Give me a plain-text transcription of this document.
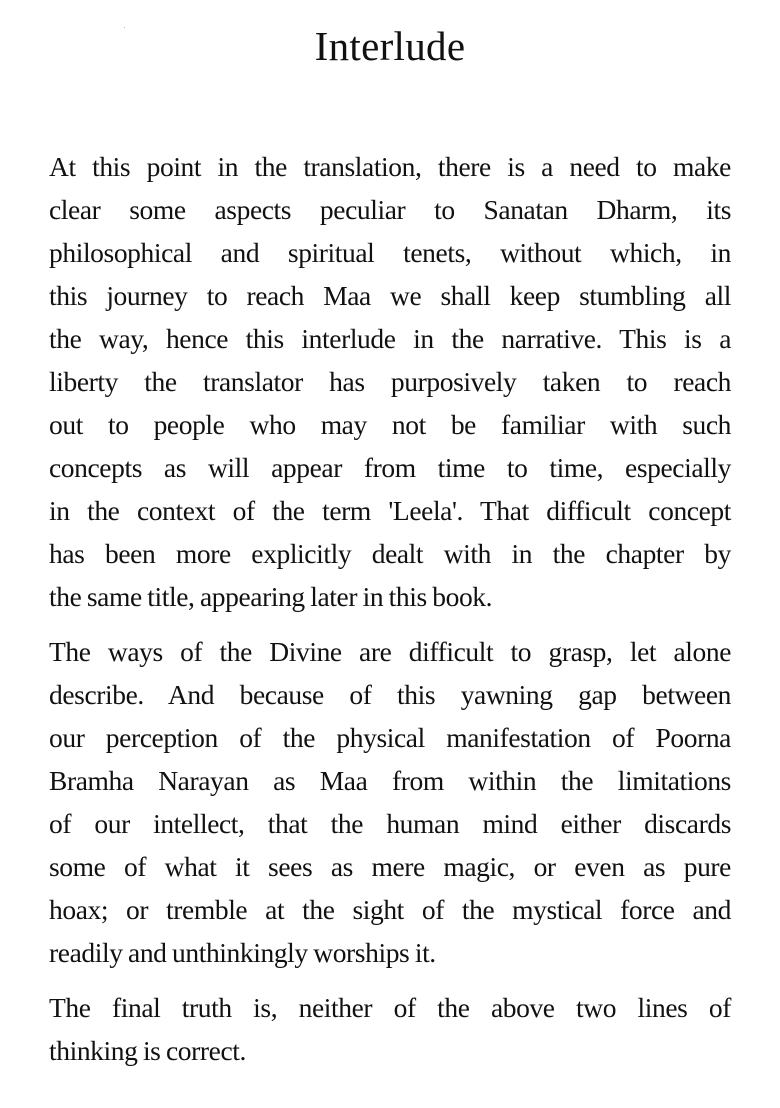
Interlude
At this point in the translation, there is a need to make
clear some aspects peculiar to Sanatan Dharm, its
philosophical and spiritual tenets, without which, in
this journey to reach Maa we shall keep stumbling all
the way, hence this interlude in the narrative. This is a
liberty the translator has purposively taken to reach
out to people who may not be familiar with such
concepts as will appear from time to time, especially
in the context of the term 'Leela'. That difficult concept
has been more explicitly dealt with in the chapter by
the same title, appearing later in this book.
The ways of the Divine are difficult to grasp, let alone
describe. And because of this yawning gap between
our perception of the physical manifestation of Poorna
Bramha Narayan as Maa from within the limitations
of our intellect, that the human mind either discards
some of what it sees as mere magic, or even as pure
hoax; or tremble at the sight of the mystical force and
readily and unthinkingly worships it.
The final truth is, neither of the above two lines of
thinking is correct.
